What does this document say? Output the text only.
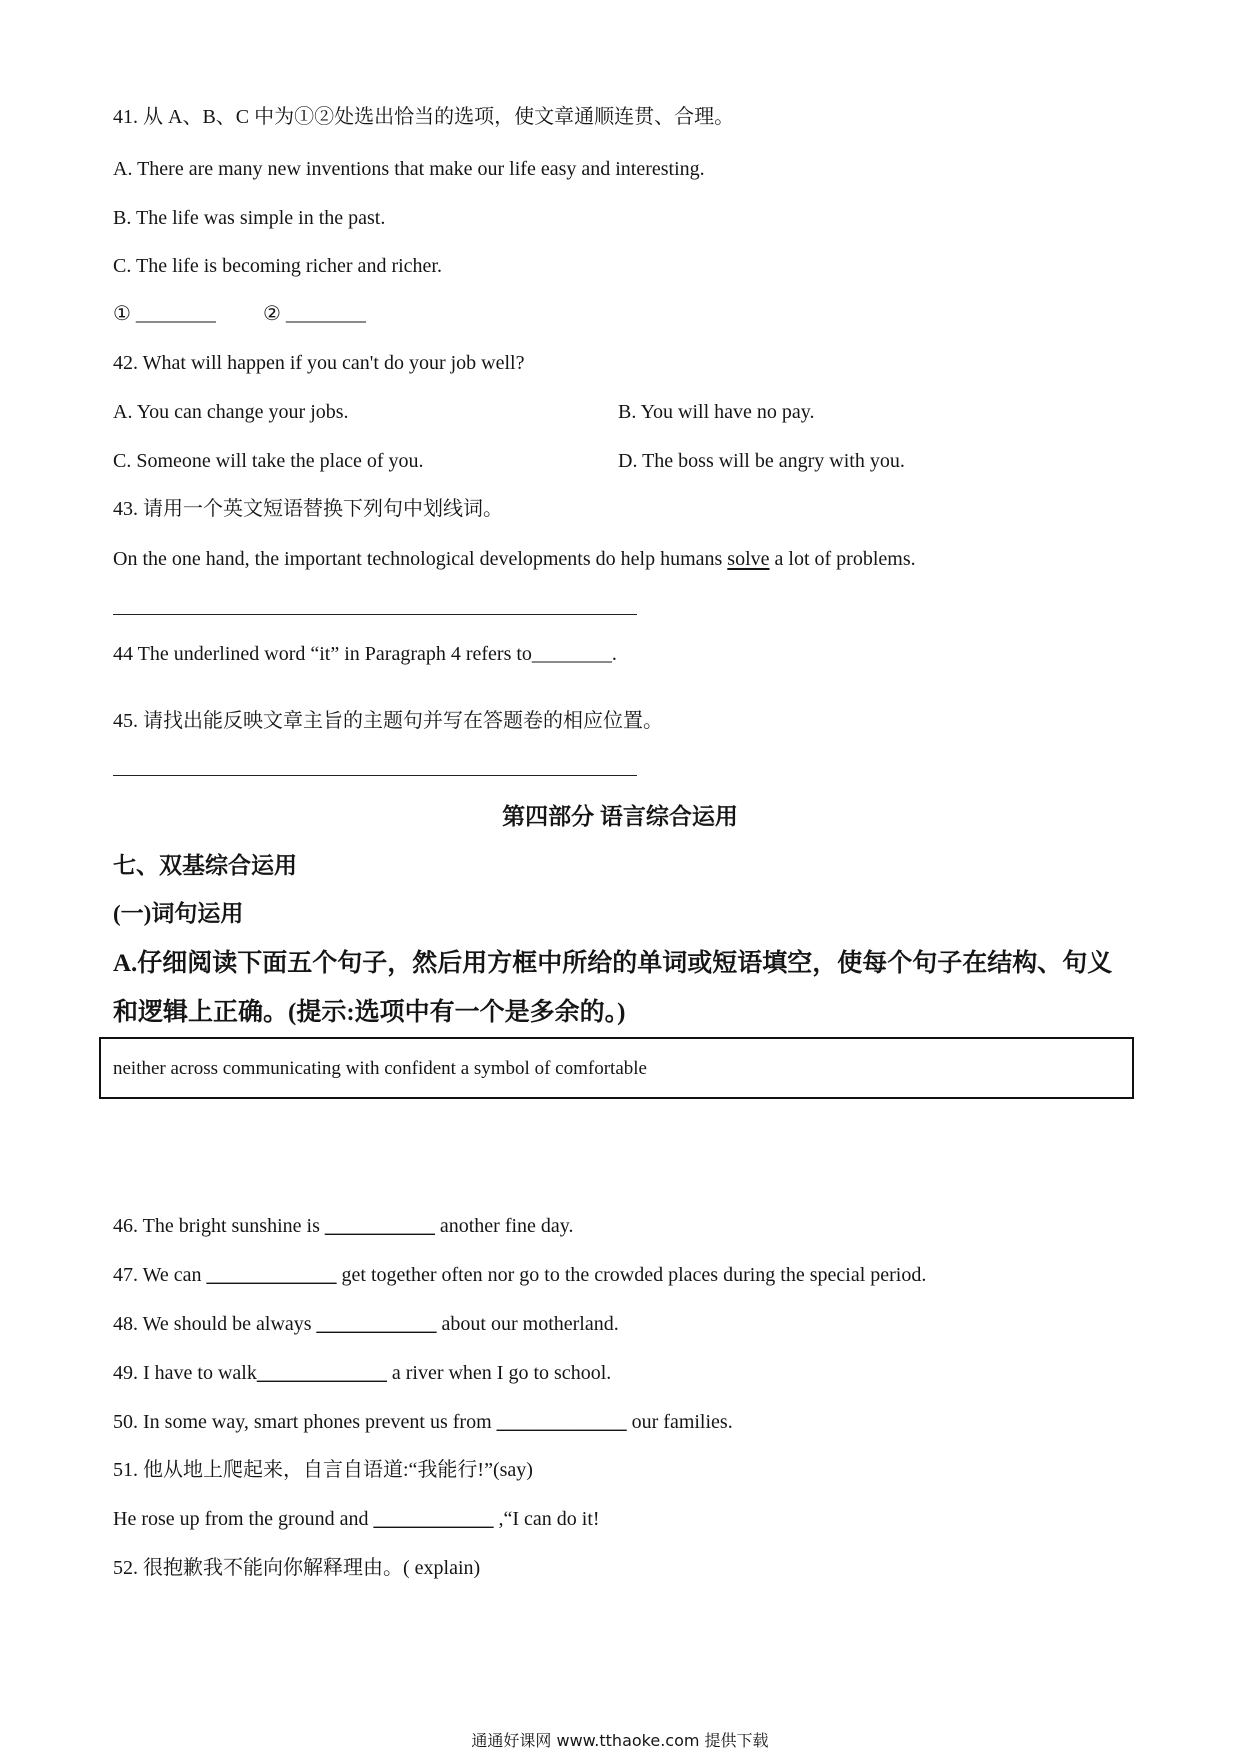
41. 从 A、B、C 中为①②处选出恰当的选项，使文章通顺连贯、合理。
A. There are many new inventions that make our life easy and interesting.
B. The life was simple in the past.
C. The life is becoming richer and richer.
① ________ ② ________
42. What will happen if you can't do your job well?
A. You can change your jobs.	B. You will have no pay.
C. Someone will take the place of you.	D. The boss will be angry with you.
43. 请用一个英文短语替换下列句中划线词。
On the one hand, the important technological developments do help humans solve a lot of problems.
44 The underlined word “it” in Paragraph 4 refers to________.
45. 请找出能反映文章主旨的主题句并写在答题卷的相应位置。
第四部分 语言综合运用
七、双基综合运用
(一)词句运用
A.仔细阅读下面五个句子，然后用方框中所给的单词或短语填空，使每个句子在结构、句义
和逻辑上正确。(提示:选项中有一个是多余的。)
neither across communicating with confident a symbol of comfortable
46. The bright sunshine is ___________ another fine day.
47. We can _____________ get together often nor go to the crowded places during the special period.
48. We should be always ____________ about our motherland.
49. I have to walk_____________ a river when I go to school.
50. In some way, smart phones prevent us from _____________ our families.
51. 他从地上爬起来，自言自语道:“我能行!”(say)
He rose up from the ground and ____________ ,“I can do it!
52. 很抱歉我不能向你解释理由。( explain)
通通好课网 www.tthaoke.com 提供下载
